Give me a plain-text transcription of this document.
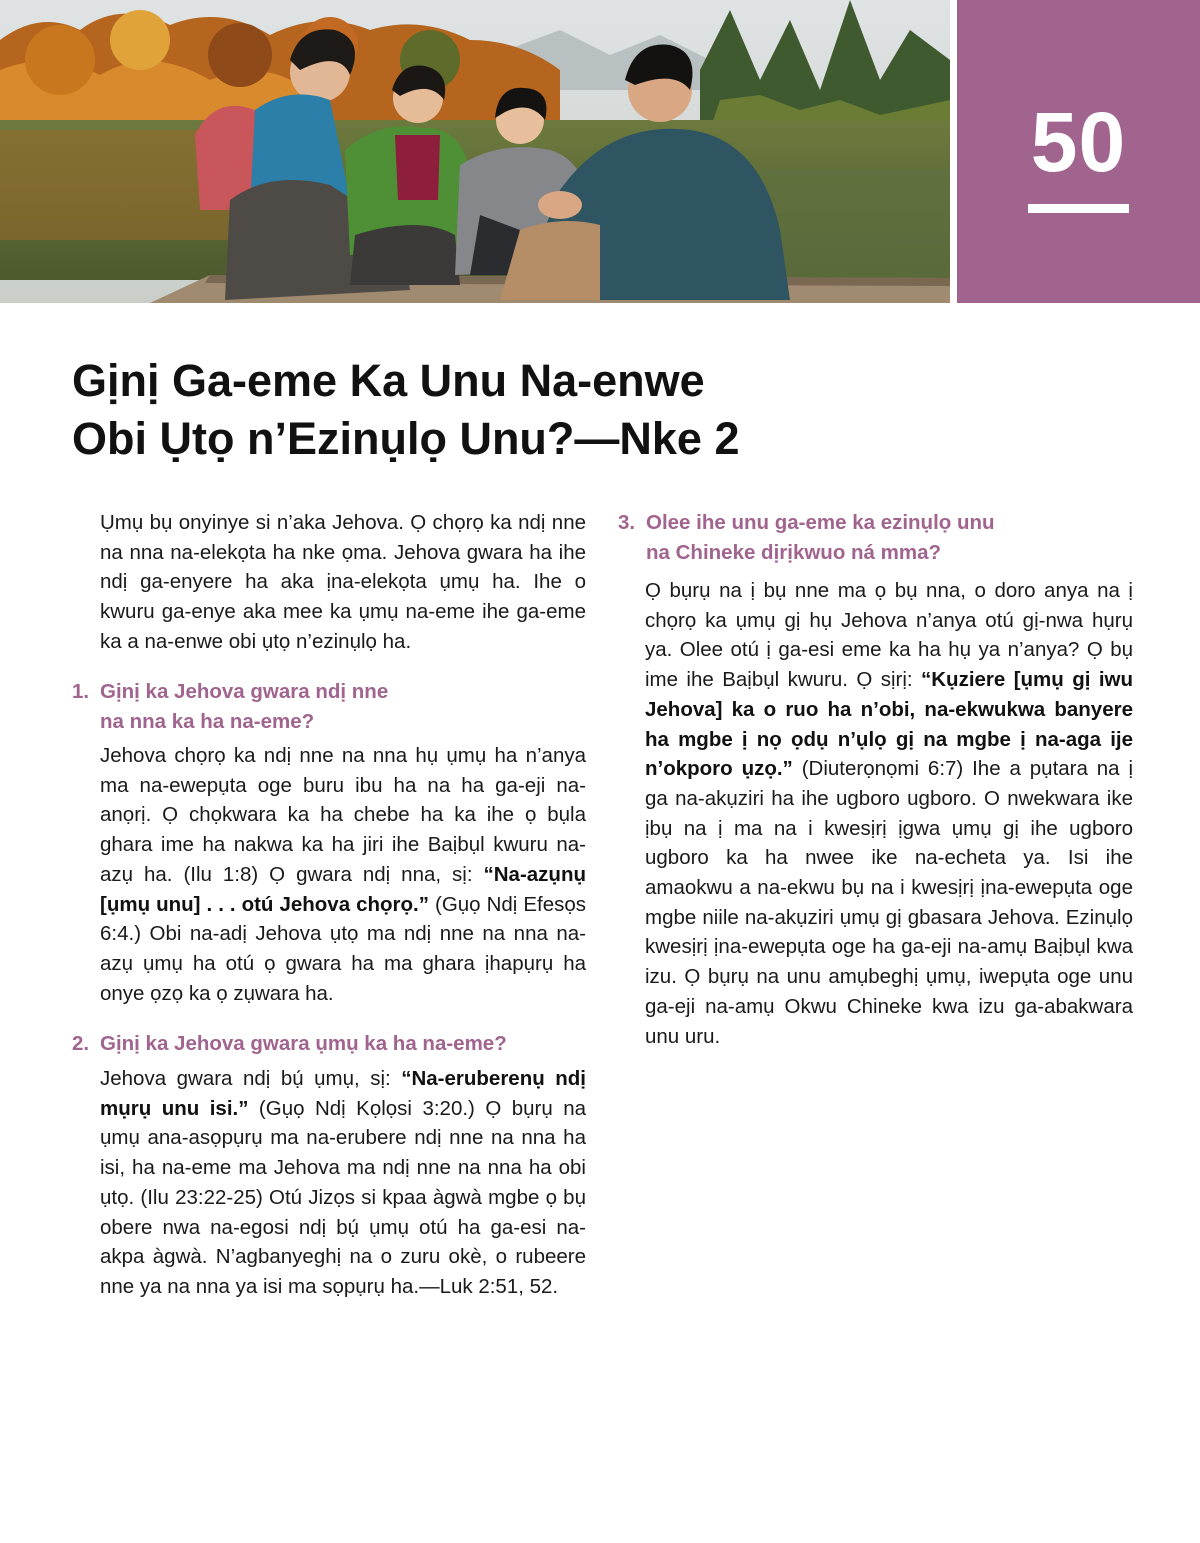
50
Gịnị Ga-eme Ka Unu Na-enwe
Obi Ụtọ n’Ezinụlọ Unu?—Nke 2

Ụmụ bụ onyinye si n’aka Jehova. Ọ chọrọ ka ndị nne na nna na-elekọta ha nke ọma. Jehova gwara ha ihe ndị ga-enyere ha aka ịna-elekọta ụmụ ha. Ihe o kwuru ga-enye aka mee ka ụmụ na-eme ihe ga-eme ka a na-enwe obi ụtọ n’ezinụlọ ha.

1. Gịnị ka Jehova gwara ndị nne
na nna ka ha na-eme?

Jehova chọrọ ka ndị nne na nna hụ ụmụ ha n’anya ma na-ewepụta oge buru ibu ha na ha ga-eji na-anọrị. Ọ chọkwara ka ha chebe ha ka ihe ọ bụla ghara ime ha nakwa ka ha jiri ihe Baịbụl kwuru na-azụ ha. (Ilu 1:8) Ọ gwara ndị nna, sị: “Na-azụnụ [ụmụ unu] . . . otú Jehova chọrọ.” (Gụọ Ndị Efesọs 6:4.) Obi na-adị Jehova ụtọ ma ndị nne na nna na-azụ ụmụ ha otú ọ gwara ha ma ghara ịhapụrụ ha onye ọzọ ka ọ zụwara ha.

2. Gịnị ka Jehova gwara ụmụ ka ha na-eme?

Jehova gwara ndị bụ́ ụmụ, sị: “Na-eruberenụ ndị mụrụ unu isi.” (Gụọ Ndị Kọlọsi 3:20.) Ọ bụrụ na ụmụ ana-asọpụrụ ma na-erubere ndị nne na nna ha isi, ha na-eme ma Jehova ma ndị nne na nna ha obi ụtọ. (Ilu 23:22-25) Otú Jizọs si kpaa àgwà mgbe ọ bụ obere nwa na-egosi ndị bụ́ ụmụ otú ha ga-esi na-akpa àgwà. N’agbanyeghị na o zuru okè, o rubeere nne ya na nna ya isi ma sọpụrụ ha.—Luk 2:51, 52.

3. Olee ihe unu ga-eme ka ezinụlọ unu
na Chineke dịrịkwuo ná mma?

Ọ bụrụ na ị bụ nne ma ọ bụ nna, o doro anya na ị chọrọ ka ụmụ gị hụ Jehova n’anya otú gị-nwa hụrụ ya. Olee otú ị ga-esi eme ka ha hụ ya n’anya? Ọ bụ ime ihe Baịbụl kwuru. Ọ sịrị: “Kụziere [ụmụ gị iwu Jehova] ka o ruo ha n’obi, na-ekwukwa banyere ha mgbe ị nọ ọdụ n’ụlọ gị na mgbe ị na-aga ije n’okporo ụzọ.” (Diuterọnọmi 6:7) Ihe a pụtara na ị ga na-akụziri ha ihe ugboro ugboro. O nwekwara ike ịbụ na ị ma na i kwesịrị ịgwa ụmụ gị ihe ugboro ugboro ka ha nwee ike na-echeta ya. Isi ihe amaokwu a na-ekwu bụ na i kwesịrị ịna-ewepụta oge mgbe niile na-akụziri ụmụ gị gbasara Jehova. Ezinụlọ kwesịrị ịna-ewepụta oge ha ga-eji na-amụ Baịbụl kwa izu. Ọ bụrụ na unu amụbeghị ụmụ, iwepụta oge unu ga-eji na-amụ Okwu Chineke kwa izu ga-abakwara unu uru.
